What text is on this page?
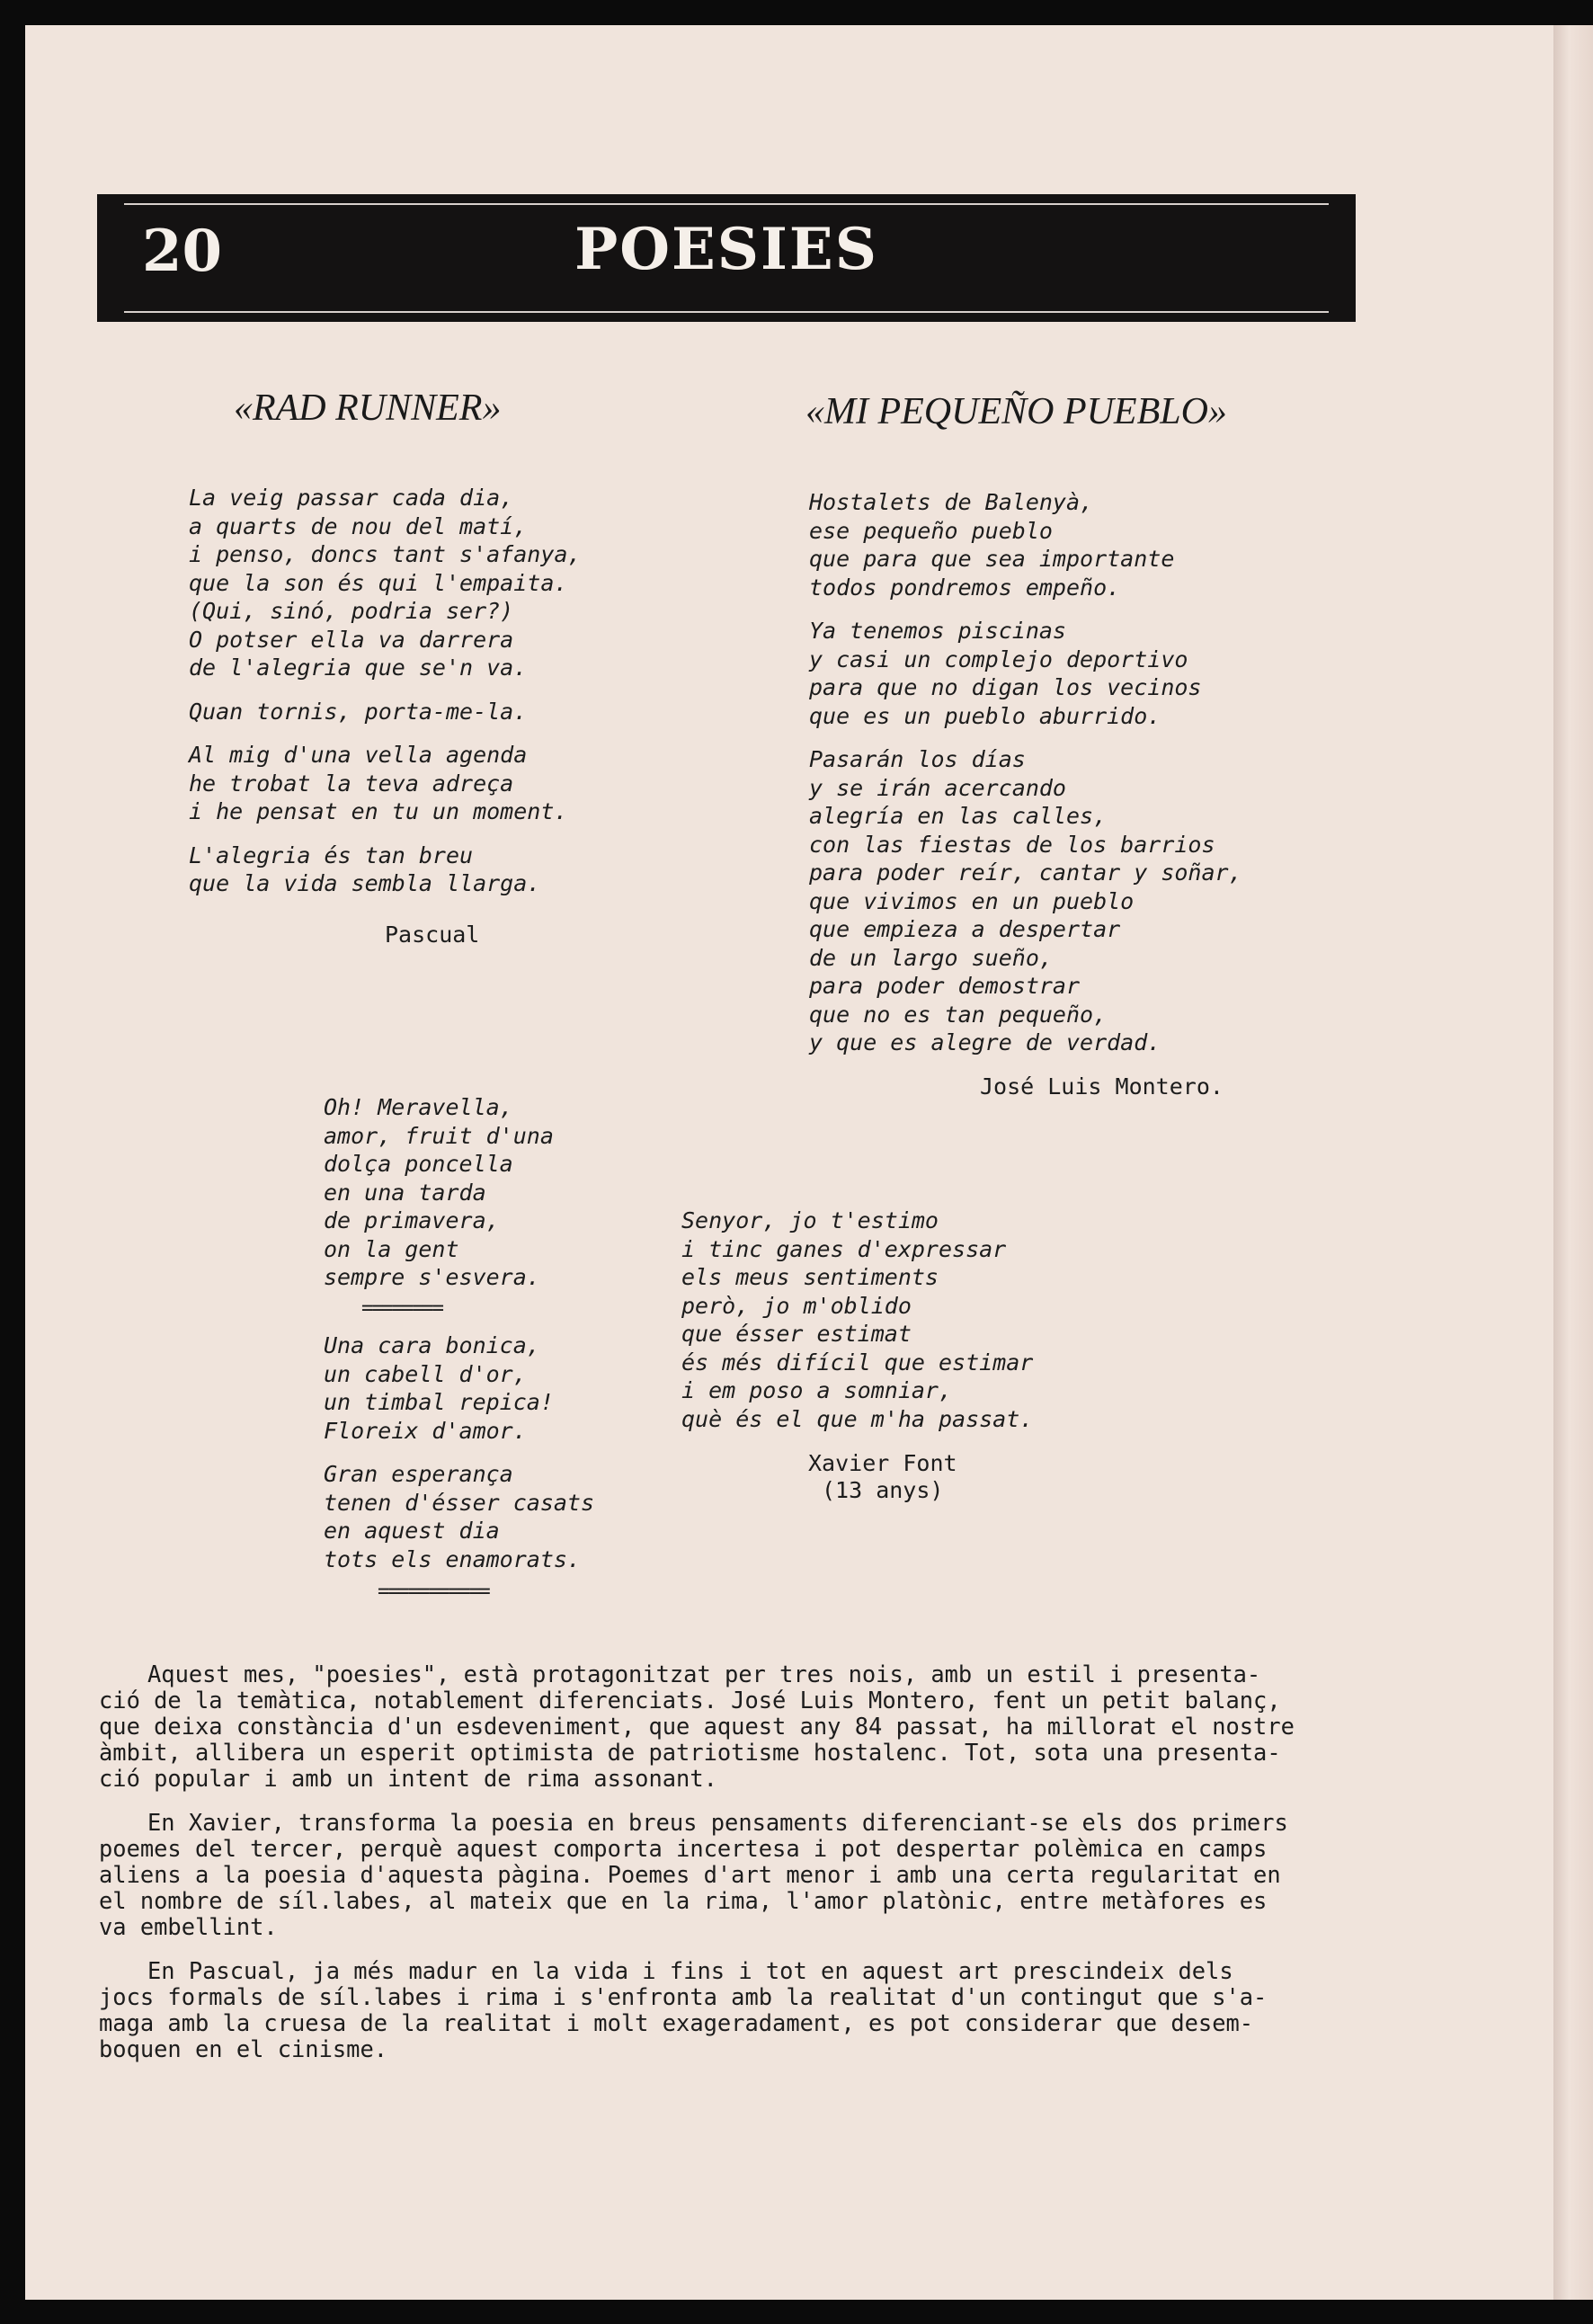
20	POESIES
«RAD RUNNER»
La veig passar cada dia,
a quarts de nou del matí,
i penso, doncs tant s'afanya,
que la son és qui l'empaita.
(Qui, sinó, podria ser?)
O potser ella va darrera
de l'alegria que se'n va.
Quan tornis, porta-me-la.
Al mig d'una vella agenda
he trobat la teva adreça
i he pensat en tu un moment.
L'alegria és tan breu
que la vida sembla llarga.
Pascual
«MI PEQUEÑO PUEBLO»
Hostalets de Balenyà,
ese pequeño pueblo
que para que sea importante
todos pondremos empeño.
Ya tenemos piscinas
y casi un complejo deportivo
para que no digan los vecinos
que es un pueblo aburrido.
Pasarán los días
y se irán acercando
alegría en las calles,
con las fiestas de los barrios
para poder reír, cantar y soñar,
que vivimos en un pueblo
que empieza a despertar
de un largo sueño,
para poder demostrar
que no es tan pequeño,
y que es alegre de verdad.
José Luis Montero.
Oh! Meravella,
amor, fruit d'una
dolça poncella
en una tarda
de primavera,
on la gent
sempre s'esvera.
========
Una cara bonica,
un cabell d'or,
un timbal repica!
Floreix d'amor.
Gran esperança
tenen d'ésser casats
en aquest dia
tots els enamorats.
===========
Senyor, jo t'estimo
i tinc ganes d'expressar
els meus sentiments
però, jo m'oblido
que ésser estimat
és més difícil que estimar
i em poso a somniar,
què és el que m'ha passat.
Xavier Font
(13 anys)

Aquest mes, "poesies", està protagonitzat per tres nois, amb un estil i presenta-
ció de la temàtica, notablement diferenciats. José Luis Montero, fent un petit balanç,
que deixa constància d'un esdeveniment, que aquest any 84 passat, ha millorat el nostre
àmbit, allibera un esperit optimista de patriotisme hostalenc. Tot, sota una presenta-
ció popular i amb un intent de rima assonant.

En Xavier, transforma la poesia en breus pensaments diferenciant-se els dos primers
poemes del tercer, perquè aquest comporta incertesa i pot despertar polèmica en camps
aliens a la poesia d'aquesta pàgina. Poemes d'art menor i amb una certa regularitat en
el nombre de síl.labes, al mateix que en la rima, l'amor platònic, entre metàfores es
va embellint.

En Pascual, ja més madur en la vida i fins i tot en aquest art prescindeix dels
jocs formals de síl.labes i rima i s'enfronta amb la realitat d'un contingut que s'a-
maga amb la cruesa de la realitat i molt exageradament, es pot considerar que desem-
boquen en el cinisme.
